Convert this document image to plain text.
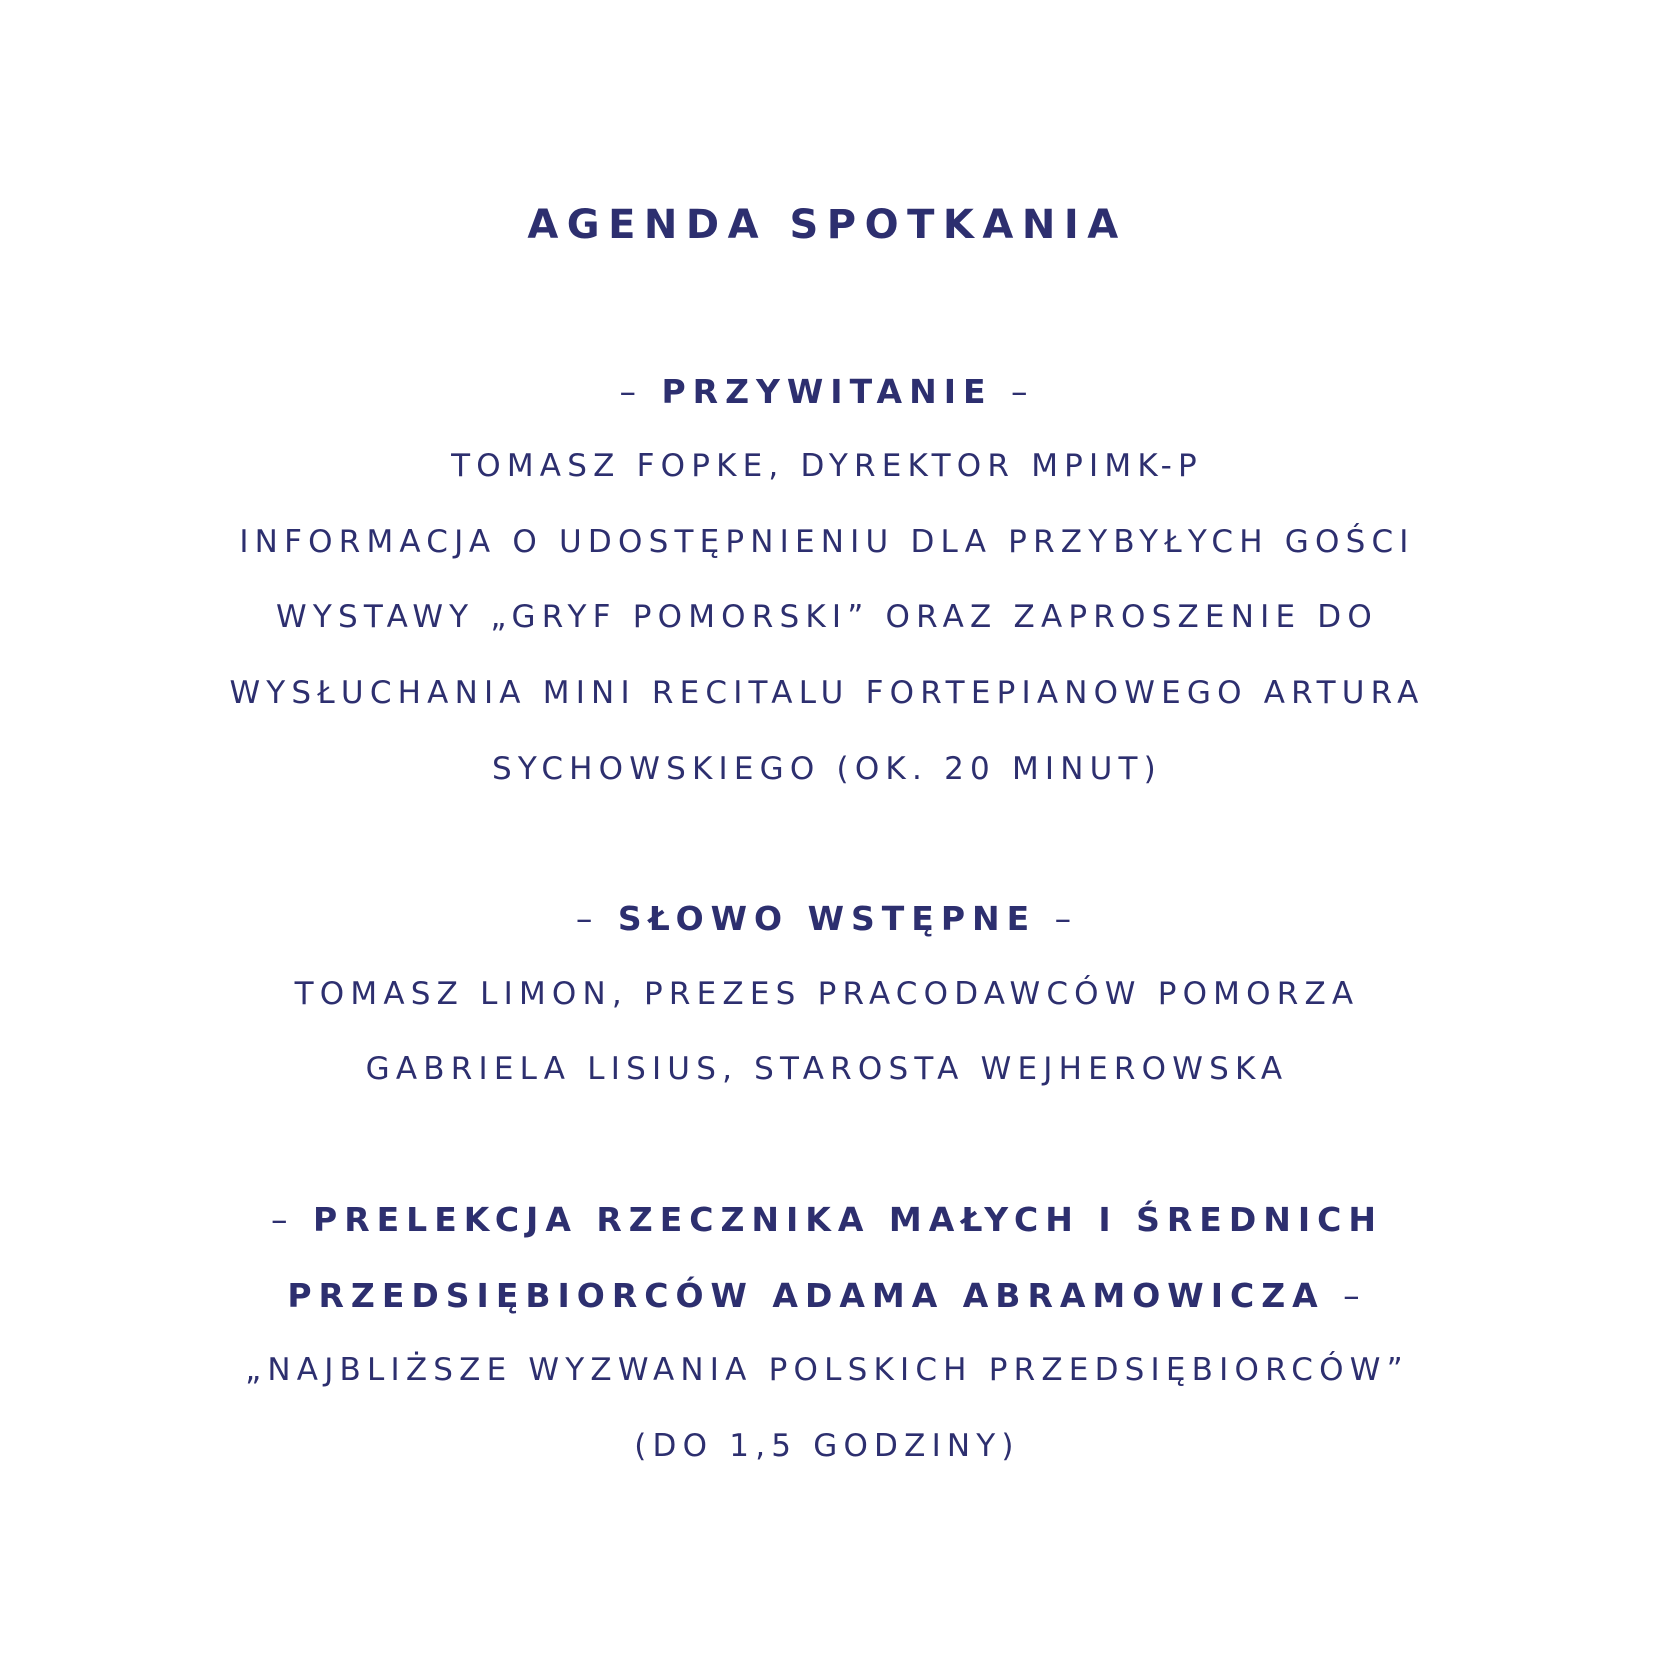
AGENDA SPOTKANIA
– PRZYWITANIE –
TOMASZ FOPKE, DYREKTOR MPIMK-P
INFORMACJA O UDOSTĘPNIENIU DLA PRZYBYŁYCH GOŚCI
WYSTAWY „GRYF POMORSKI” ORAZ ZAPROSZENIE DO
WYSŁUCHANIA MINI RECITALU FORTEPIANOWEGO ARTURA
SYCHOWSKIEGO (OK. 20 MINUT)
– SŁOWO WSTĘPNE –
TOMASZ LIMON, PREZES PRACODAWCÓW POMORZA
GABRIELA LISIUS, STAROSTA WEJHEROWSKA
– PRELEKCJA RZECZNIKA MAŁYCH I ŚREDNICH
PRZEDSIĘBIORCÓW ADAMA ABRAMOWICZA –
„NAJBLIŻSZE WYZWANIA POLSKICH PRZEDSIĘBIORCÓW”
(DO 1,5 GODZINY)
